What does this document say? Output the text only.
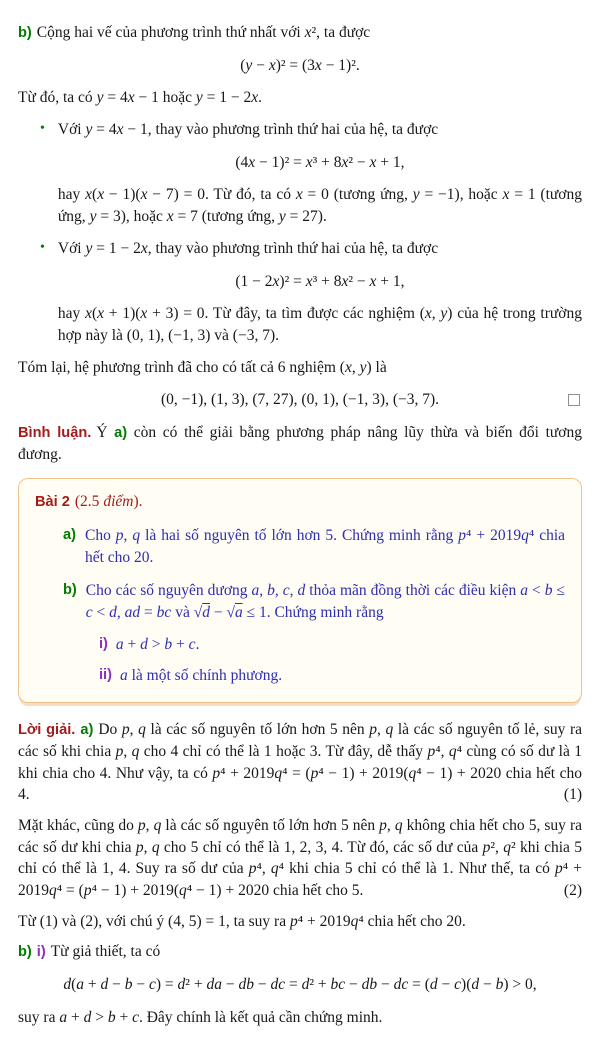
b) Cộng hai vế của phương trình thứ nhất với x², ta được
(y − x)² = (3x − 1)².
Từ đó, ta có y = 4x − 1 hoặc y = 1 − 2x.
• Với y = 4x − 1, thay vào phương trình thứ hai của hệ, ta được
(4x − 1)² = x³ + 8x² − x + 1,
hay x(x − 1)(x − 7) = 0. Từ đó, ta có x = 0 (tương ứng, y = −1), hoặc x = 1 (tương ứng, y = 3), hoặc x = 7 (tương ứng, y = 27).
• Với y = 1 − 2x, thay vào phương trình thứ hai của hệ, ta được
(1 − 2x)² = x³ + 8x² − x + 1,
hay x(x + 1)(x + 3) = 0. Từ đây, ta tìm được các nghiệm (x, y) của hệ trong trường hợp này là (0, 1), (−1, 3) và (−3, 7).
Tóm lại, hệ phương trình đã cho có tất cả 6 nghiệm (x, y) là
(0, −1), (1, 3), (7, 27), (0, 1), (−1, 3), (−3, 7).
Bình luận. Ý a) còn có thể giải bằng phương pháp nâng lũy thừa và biến đổi tương đương.
Bài 2 (2.5 điểm).
a) Cho p, q là hai số nguyên tố lớn hơn 5. Chứng minh rằng p⁴ + 2019q⁴ chia hết cho 20.
b) Cho các số nguyên dương a, b, c, d thỏa mãn đồng thời các điều kiện a < b ≤ c < d, ad = bc và √d − √a ≤ 1. Chứng minh rằng
i) a + d > b + c.
ii) a là một số chính phương.
Lời giải. a) Do p, q là các số nguyên tố lớn hơn 5 nên p, q là các số nguyên tố lẻ, suy ra các số khi chia p, q cho 4 chỉ có thể là 1 hoặc 3. Từ đây, dễ thấy p⁴, q⁴ cùng có số dư là 1 khi chia cho 4. Như vậy, ta có p⁴ + 2019q⁴ = (p⁴ − 1) + 2019(q⁴ − 1) + 2020 chia hết cho 4.	(1)
Mặt khác, cũng do p, q là các số nguyên tố lớn hơn 5 nên p, q không chia hết cho 5, suy ra các số dư khi chia p, q cho 5 chỉ có thể là 1, 2, 3, 4. Từ đó, các số dư của p², q² khi chia 5 chỉ có thể là 1, 4. Suy ra số dư của p⁴, q⁴ khi chia 5 chỉ có thể là 1. Như thế, ta có p⁴ + 2019q⁴ = (p⁴ − 1) + 2019(q⁴ − 1) + 2020 chia hết cho 5.	(2)
Từ (1) và (2), với chú ý (4, 5) = 1, ta suy ra p⁴ + 2019q⁴ chia hết cho 20.
b) i) Từ giả thiết, ta có
d(a + d − b − c) = d² + da − db − dc = d² + bc − db − dc = (d − c)(d − b) > 0,
suy ra a + d > b + c. Đây chính là kết quả cần chứng minh.
